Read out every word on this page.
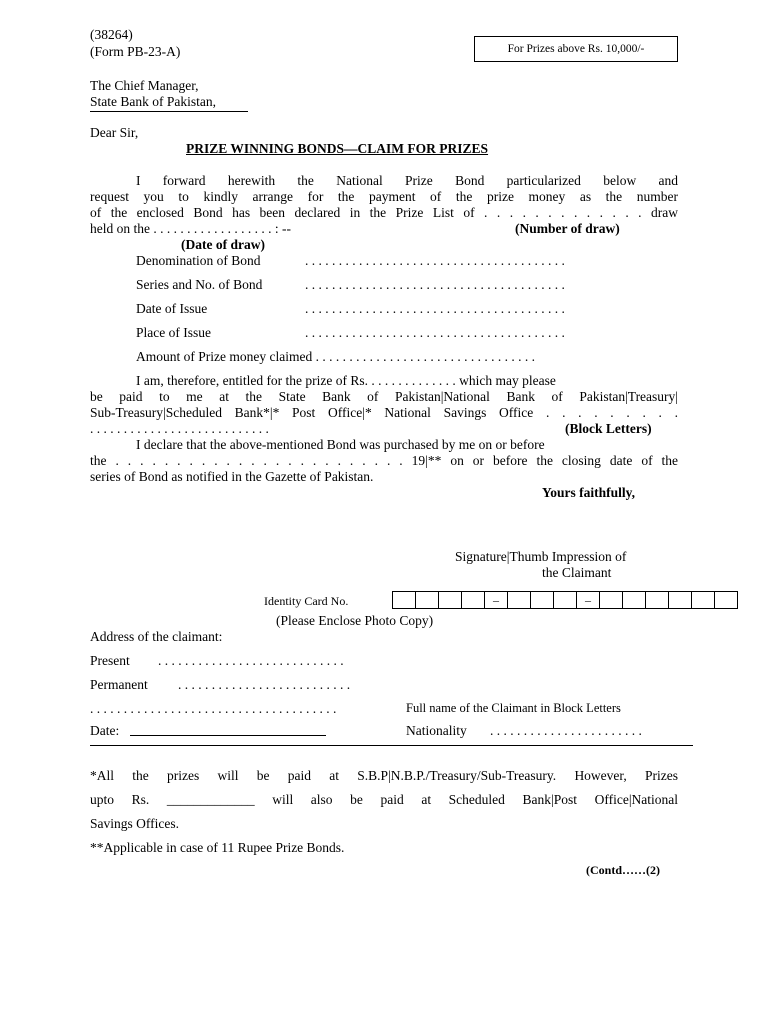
(38264)
(Form PB-23-A)	For Prizes above Rs. 10,000/-
The Chief Manager,
State Bank of Pakistan,
Dear Sir,
PRIZE WINNING BONDS—CLAIM FOR PRIZES
I forward herewith the National Prize Bond particularized below and
request you to kindly arrange for the payment of the prize money as the number
of the enclosed Bond has been declared in the Prize List of . . . . . . . . . . . . . draw
held on the . . . . . . . . . . . . . . . . . . : --	(Number of draw)
(Date of draw)
Denomination of Bond	. . . . . . . . . . . . . . . . . . . . . . . . . . . . . . . . . . . . . . .
Series and No. of Bond	. . . . . . . . . . . . . . . . . . . . . . . . . . . . . . . . . . . . . . .
Date of Issue	. . . . . . . . . . . . . . . . . . . . . . . . . . . . . . . . . . . . . . .
Place of Issue	. . . . . . . . . . . . . . . . . . . . . . . . . . . . . . . . . . . . . . .
Amount of Prize money claimed . . . . . . . . . . . . . . . . . . . . . . . . . . . . . . . . .
I am, therefore, entitled for the prize of Rs. . . . . . . . . . . . . . which may please
be paid to me at the State Bank of Pakistan|National Bank of Pakistan|Treasury|
Sub-Treasury|Scheduled Bank*|* Post Office|* National Savings Office . . . . . . . . .
. . . . . . . . . . . . . . . . . . . . . . . . . . .	(Block Letters)
I declare that the above-mentioned Bond was purchased by me on or before
the . . . . . . . . . . . . . . . . . . . . . . . . 19|** on or before the closing date of the
series of Bond as notified in the Gazette of Pakistan.
Yours faithfully,
Signature|Thumb Impression of
the Claimant
Identity Card No.	–	–
(Please Enclose Photo Copy)
Address of the claimant:
Present . . . . . . . . . . . . . . . . . . . . . . . . . . . .
Permanent . . . . . . . . . . . . . . . . . . . . . . . . . .
. . . . . . . . . . . . . . . . . . . . . . . . . . . . . . . . . . . . .
Date:
Full name of the Claimant in Block Letters
Nationality . . . . . . . . . . . . . . . . . . . . . . .
*All the prizes will be paid at S.B.P|N.B.P./Treasury/Sub-Treasury. However, Prizes
upto Rs. _____________ will also be paid at Scheduled Bank|Post Office|National
Savings Offices.
**Applicable in case of 11 Rupee Prize Bonds.
(Contd……(2)
